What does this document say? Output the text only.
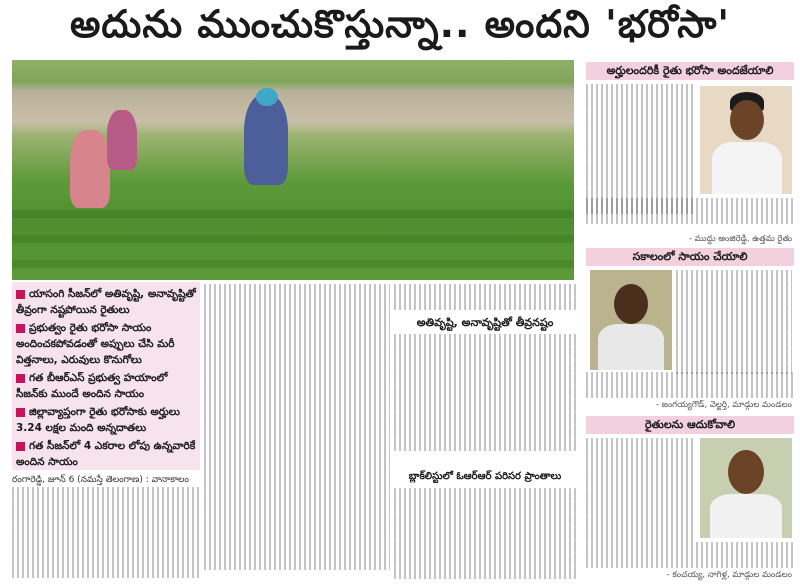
అదును ముంచుకొస్తున్నా.. అందని 'భరోసా'
యాసంగి సీజన్‌లో అతివృష్టి, అనావృష్టితో తీవ్రంగా నష్టపోయిన రైతులు
ప్రభుత్వం రైతు భరోసా సాయం అందించకపోవడంతో అప్పులు చేసి మరీ విత్తనాలు, ఎరువులు కొనుగోలు
గత బీఆర్‌ఎస్ ప్రభుత్వ హయాంలో సీజన్‌కు ముందే అందిన సాయం
జిల్లావ్యాప్తంగా రైతు భరోసాకు అర్హులు 3.24 లక్షల మంది అన్నదాతలు
గత సీజన్‌లో 4 ఎకరాల లోపు ఉన్నవారికే అందిన సాయం
రంగారెడ్డి, జూన్ 6 (నమస్తే తెలంగాణ) : వానాకాలం
అతివృష్టి, అనావృష్టితో తీవ్రనష్టం
బ్లాక్‌లిస్టులో ఓఆర్‌ఆర్ పరిసర ప్రాంతాలు
అర్హులందరికీ రైతు భరోసా అందజేయాలి
- ముద్దు అంజిరెడ్డి, ఉత్తమ రైతు
సకాలంలో సాయం చేయాలి
- జంగయ్యగౌడ్, వెల్జర్తి, మాడ్గుల మండలం
రైతులను ఆదుకోవాలి
- కంచయ్య, నాగిళ్ల, మాడ్గుల మండలం
